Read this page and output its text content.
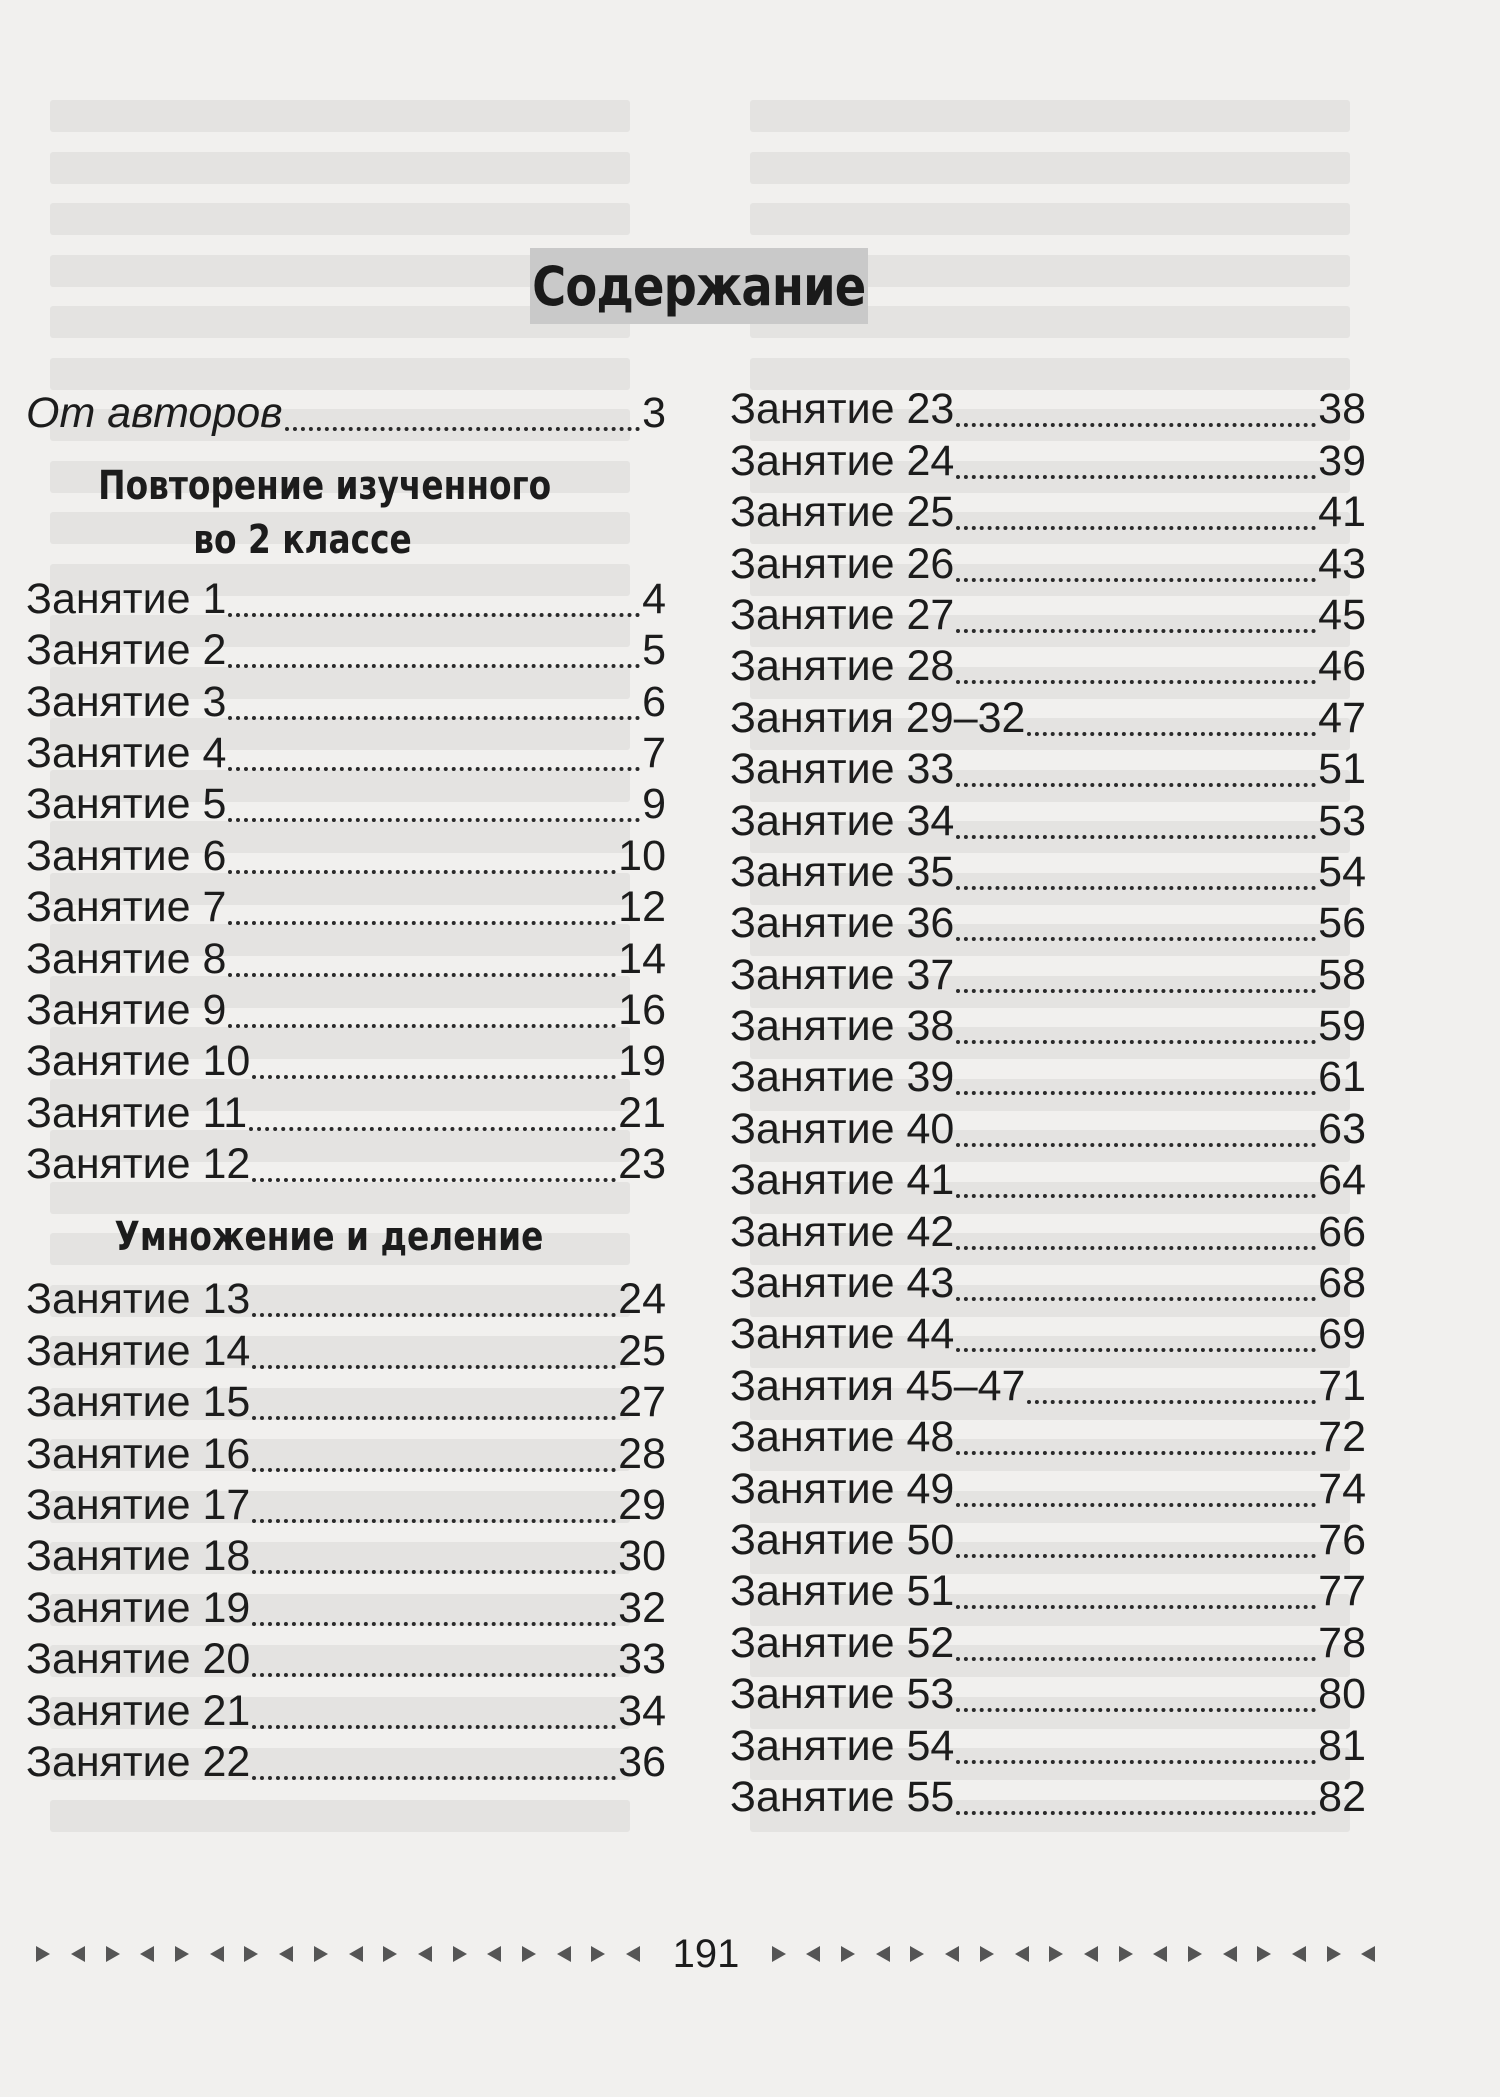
Содержание
От авторов	3
Повторение изученного
во 2 классе
Занятие 1	4
Занятие 2	5
Занятие 3	6
Занятие 4	7
Занятие 5	9
Занятие 6	10
Занятие 7	12
Занятие 8	14
Занятие 9	16
Занятие 10	19
Занятие 11	21
Занятие 12	23
Умножение и деление
Занятие 13	24
Занятие 14	25
Занятие 15	27
Занятие 16	28
Занятие 17	29
Занятие 18	30
Занятие 19	32
Занятие 20	33
Занятие 21	34
Занятие 22	36
Занятие 23	38
Занятие 24	39
Занятие 25	41
Занятие 26	43
Занятие 27	45
Занятие 28	46
Занятия 29–32	47
Занятие 33	51
Занятие 34	53
Занятие 35	54
Занятие 36	56
Занятие 37	58
Занятие 38	59
Занятие 39	61
Занятие 40	63
Занятие 41	64
Занятие 42	66
Занятие 43	68
Занятие 44	69
Занятия 45–47	71
Занятие 48	72
Занятие 49	74
Занятие 50	76
Занятие 51	77
Занятие 52	78
Занятие 53	80
Занятие 54	81
Занятие 55	82
191
